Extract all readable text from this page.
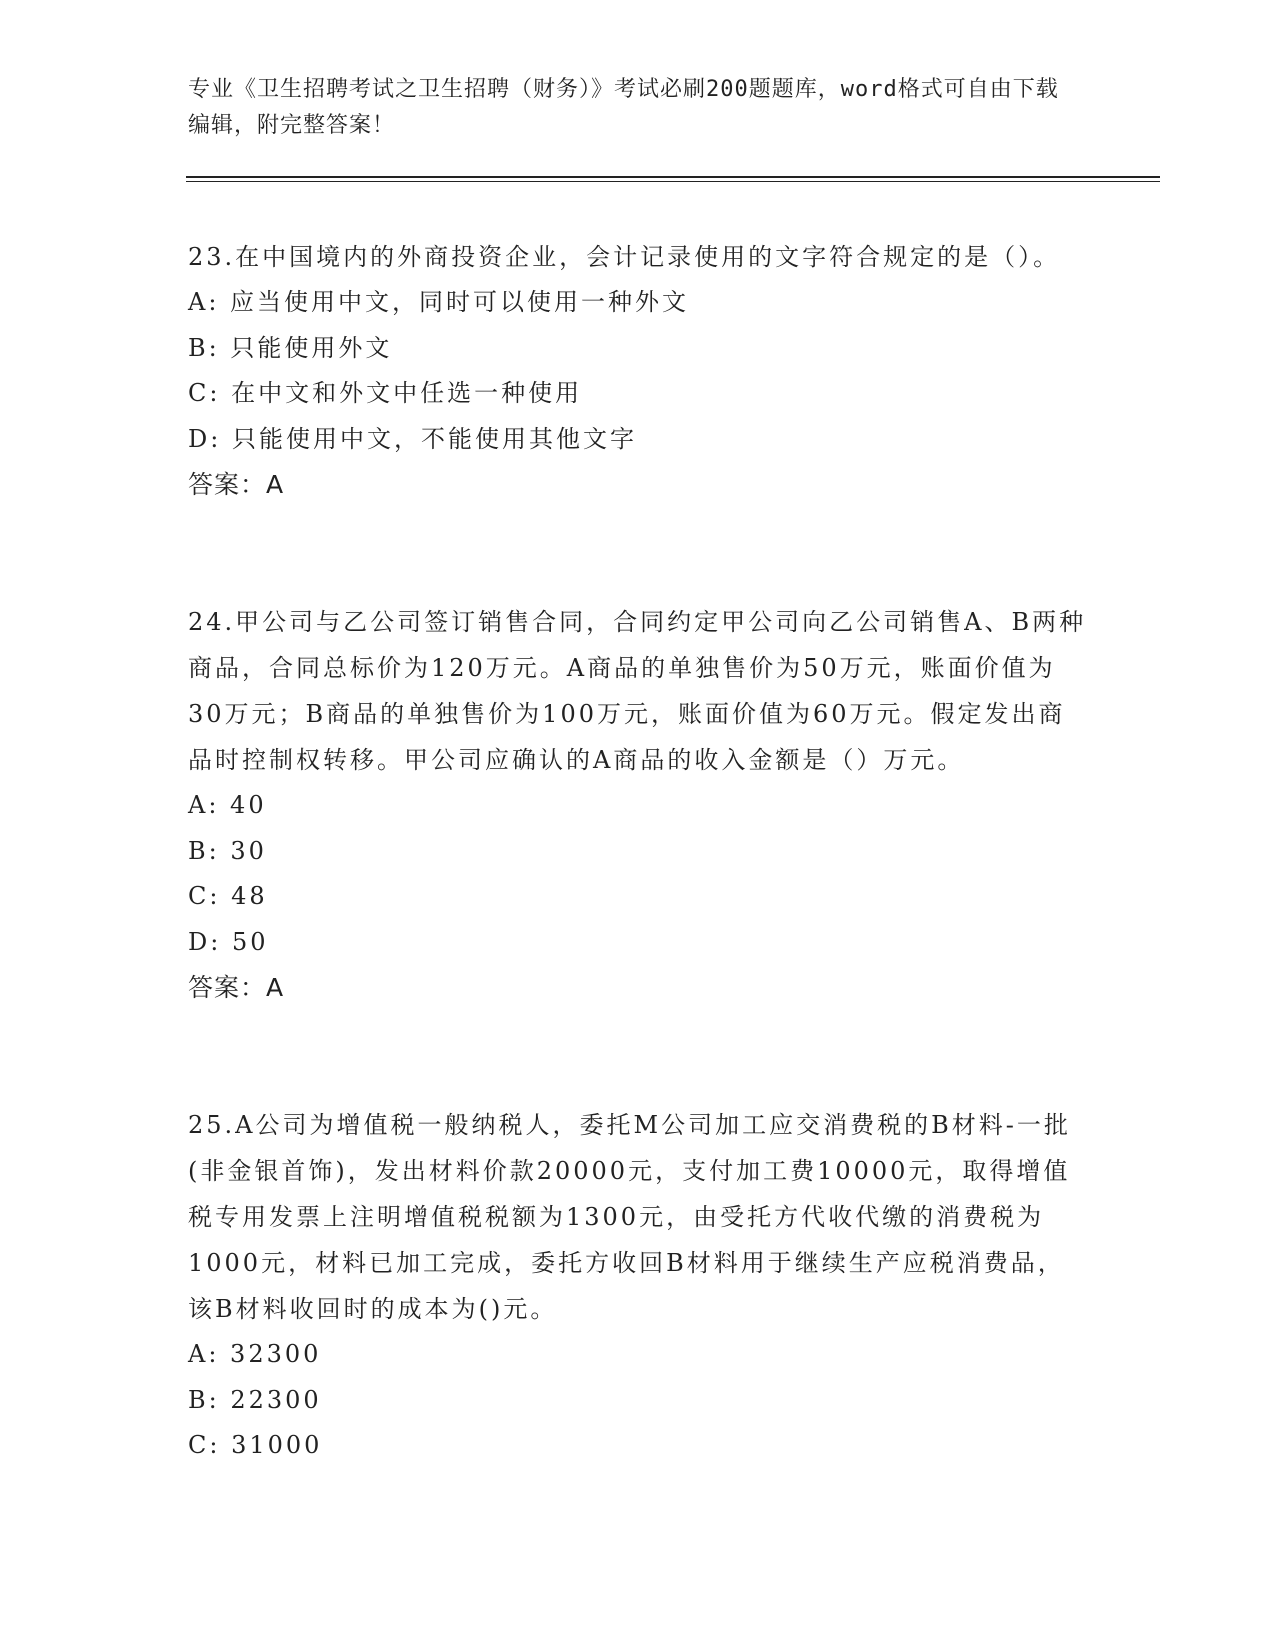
专业《卫生招聘考试之卫生招聘（财务）》考试必刷200题题库，word格式可自由下载编辑，附完整答案！
23.在中国境内的外商投资企业，会计记录使用的文字符合规定的是（）。
A: 应当使用中文，同时可以使用一种外文
B: 只能使用外文
C: 在中文和外文中任选一种使用
D: 只能使用中文，不能使用其他文字
答案：A
24.甲公司与乙公司签订销售合同，合同约定甲公司向乙公司销售A、B两种商品，合同总标价为120万元。A商品的单独售价为50万元，账面价值为30万元；B商品的单独售价为100万元，账面价值为60万元。假定发出商品时控制权转移。甲公司应确认的A商品的收入金额是（）万元。
A: 40
B: 30
C: 48
D: 50
答案：A
25.A公司为增值税一般纳税人，委托M公司加工应交消费税的B材料-一批(非金银首饰)，发出材料价款20000元，支付加工费10000元，取得增值税专用发票上注明增值税税额为1300元，由受托方代收代缴的消费税为1000元，材料已加工完成，委托方收回B材料用于继续生产应税消费品，该B材料收回时的成本为()元。
A: 32300
B: 22300
C: 31000
